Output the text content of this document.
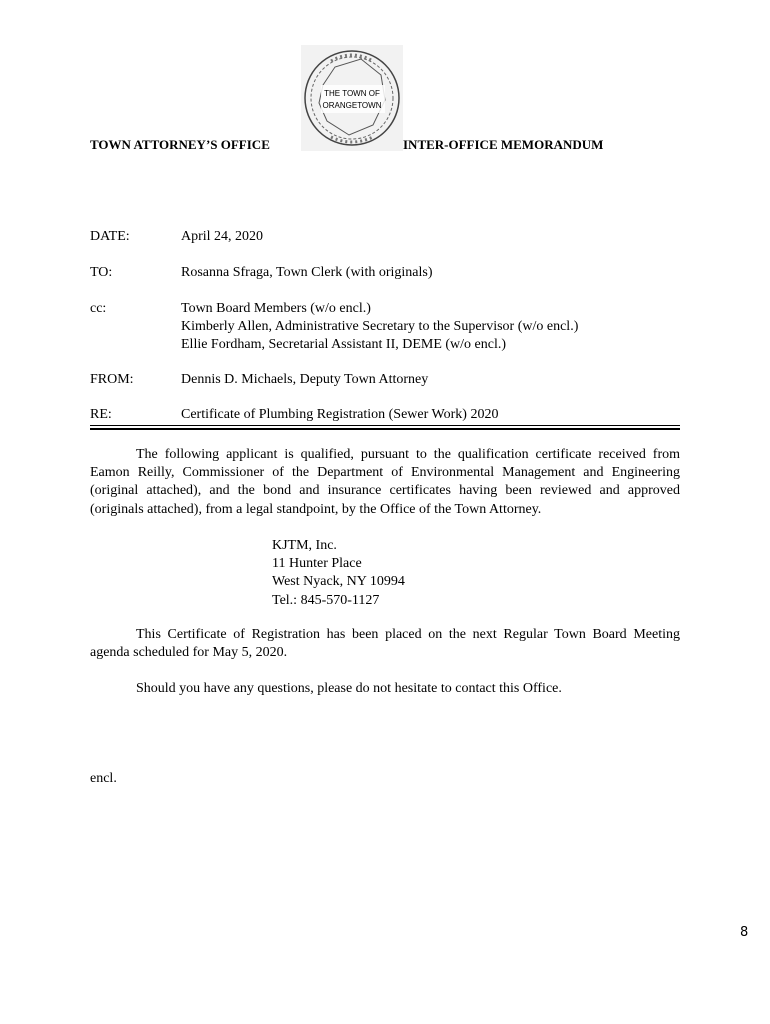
TOWN ATTORNEY’S OFFICE
THE TOWN OF
ORANGETOWN
INTER-OFFICE MEMORANDUM
DATE:	April 24, 2020
TO:	Rosanna Sfraga, Town Clerk (with originals)
cc:	Town Board Members (w/o encl.)
Kimberly Allen, Administrative Secretary to the Supervisor (w/o encl.)
Ellie Fordham, Secretarial Assistant II, DEME (w/o encl.)
FROM:	Dennis D. Michaels, Deputy Town Attorney
RE:	Certificate of Plumbing Registration (Sewer Work) 2020
The following applicant is qualified, pursuant to the qualification certificate received from Eamon Reilly, Commissioner of the Department of Environmental Management and Engineering (original attached), and the bond and insurance certificates having been reviewed and approved (originals attached), from a legal standpoint, by the Office of the Town Attorney.
KJTM, Inc.
11 Hunter Place
West Nyack, NY 10994
Tel.: 845-570-1127
This Certificate of Registration has been placed on the next Regular Town Board Meeting agenda scheduled for May 5, 2020.
Should you have any questions, please do not hesitate to contact this Office.
encl.
8
